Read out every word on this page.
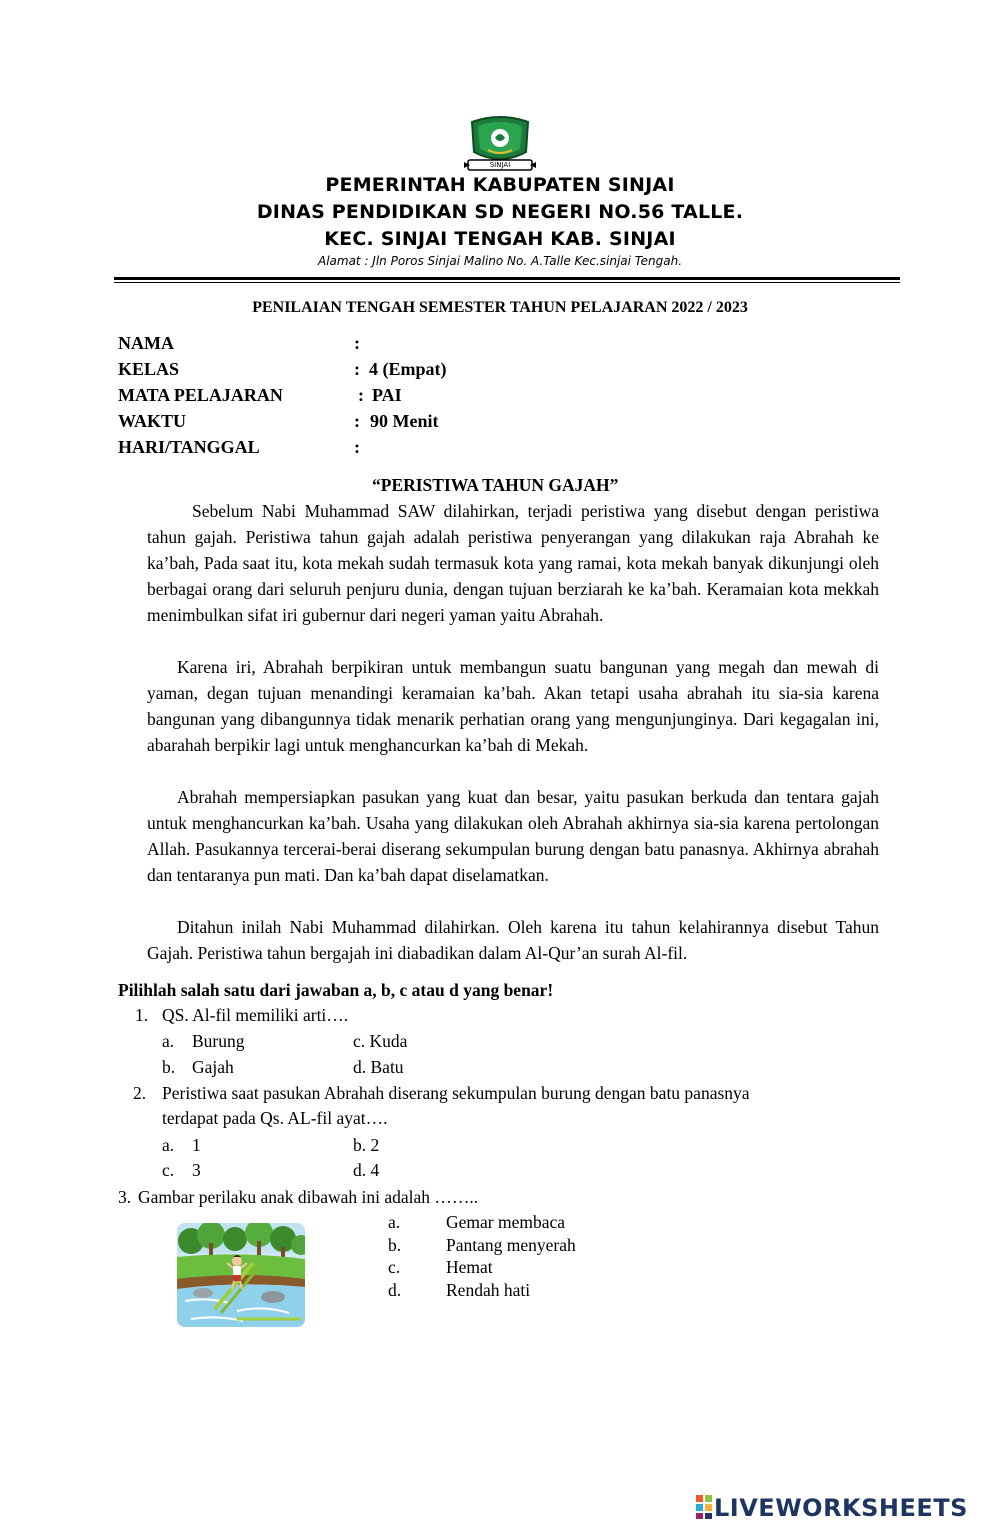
SINJAI
PEMERINTAH KABUPATEN SINJAI
DINAS PENDIDIKAN SD NEGERI NO.56 TALLE.
KEC. SINJAI TENGAH KAB. SINJAI
Alamat : Jln Poros Sinjai Malino No. A.Talle Kec.sinjai Tengah.
PENILAIAN TENGAH SEMESTER TAHUN PELAJARAN 2022 / 2023
NAMA	:
KELAS	: 4 (Empat)
MATA PELAJARAN	: PAI
WAKTU	: 90 Menit
HARI/TANGGAL	:
“PERISTIWA TAHUN GAJAH”

Sebelum Nabi Muhammad SAW dilahirkan, terjadi peristiwa yang disebut dengan peristiwa tahun gajah. Peristiwa tahun gajah adalah peristiwa penyerangan yang dilakukan raja Abrahah ke ka’bah, Pada saat itu, kota mekah sudah termasuk kota yang ramai, kota mekah banyak dikunjungi oleh berbagai orang dari seluruh penjuru dunia, dengan tujuan berziarah ke ka’bah. Keramaian kota mekkah menimbulkan sifat iri gubernur dari negeri yaman yaitu Abrahah.

Karena iri, Abrahah berpikiran untuk membangun suatu bangunan yang megah dan mewah di yaman, degan tujuan menandingi keramaian ka’bah. Akan tetapi usaha abrahah itu sia-sia karena bangunan yang dibangunnya tidak menarik perhatian orang yang mengunjunginya. Dari kegagalan ini, abarahah berpikir lagi untuk menghancurkan ka’bah di Mekah.

Abrahah mempersiapkan pasukan yang kuat dan besar, yaitu pasukan berkuda dan tentara gajah untuk menghancurkan ka’bah. Usaha yang dilakukan oleh Abrahah akhirnya sia-sia karena pertolongan Allah. Pasukannya tercerai-berai diserang sekumpulan burung dengan batu panasnya. Akhirnya abrahah dan tentaranya pun mati. Dan ka’bah dapat diselamatkan.

Ditahun inilah Nabi Muhammad dilahirkan. Oleh karena itu tahun kelahirannya disebut Tahun Gajah. Peristiwa tahun bergajah ini diabadikan dalam Al-Qur’an surah Al-fil.

Pilihlah salah satu dari jawaban a, b, c atau d yang benar!
1. QS. Al-fil memiliki arti….
a. Burung	c. Kuda
b. Gajah	d. Batu
2. Peristiwa saat pasukan Abrahah diserang sekumpulan burung dengan batu panasnya
terdapat pada Qs. AL-fil ayat….
a. 1	b. 2
c. 3	d. 4
3. Gambar perilaku anak dibawah ini adalah ……..
a.	Gemar membaca
b.	Pantang menyerah
c.	Hemat
d.	Rendah hati
LIVEWORKSHEETS
